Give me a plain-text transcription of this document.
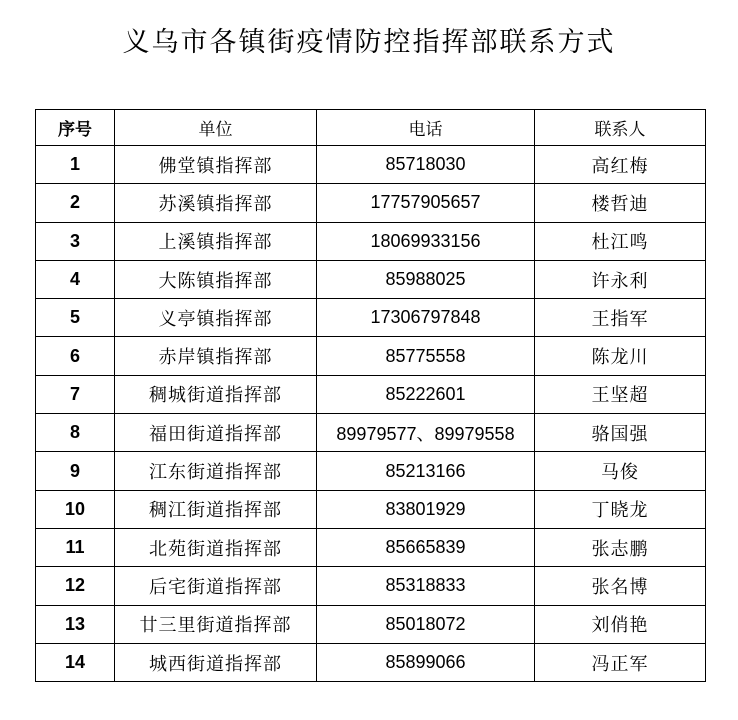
义乌市各镇街疫情防控指挥部联系方式
序号	单位	电话	联系人
1	佛堂镇指挥部	85718030	高红梅
2	苏溪镇指挥部	17757905657	楼哲迪
3	上溪镇指挥部	18069933156	杜江鸣
4	大陈镇指挥部	85988025	许永利
5	义亭镇指挥部	17306797848	王指军
6	赤岸镇指挥部	85775558	陈龙川
7	稠城街道指挥部	85222601	王坚超
8	福田街道指挥部	89979577、89979558	骆国强
9	江东街道指挥部	85213166	马俊
10	稠江街道指挥部	83801929	丁晓龙
11	北苑街道指挥部	85665839	张志鹏
12	后宅街道指挥部	85318833	张名博
13	廿三里街道指挥部	85018072	刘俏艳
14	城西街道指挥部	85899066	冯正军
